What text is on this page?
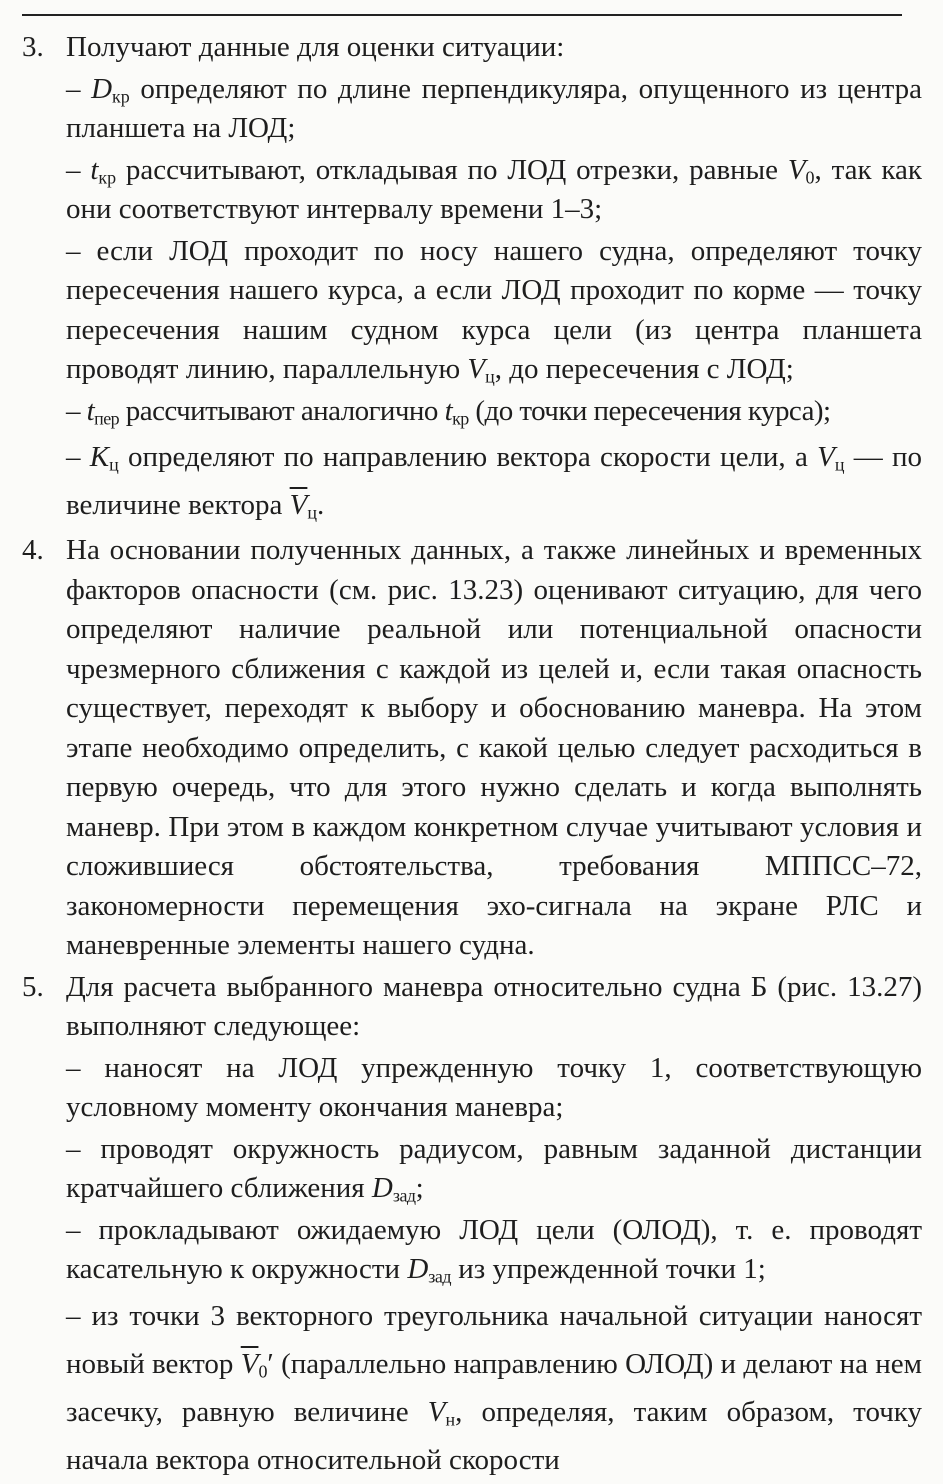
3. Получают данные для оценки ситуации:

– $D_{кр}$ определяют по длине перпендикуляра, опущенного из центра планшета на ЛОД;

– $t_{кр}$ рассчитывают, откладывая по ЛОД отрезки, равные $V_0$, так как они соответствуют интервалу времени 1–3;

– если ЛОД проходит по носу нашего судна, определяют точку пересечения нашего курса, а если ЛОД проходит по корме — точку пересечения нашим судном курса цели (из центра планшета проводят линию, параллельную $V_ц$, до пересечения с ЛОД;

– $t_{пер}$ рассчитывают аналогично $t_{кр}$ (до точки пересечения курса);

– $K_ц$ определяют по направлению вектора скорости цели, а $V_ц$ — по величине вектора $\overline{V}_ц$.

4. На основании полученных данных, а также линейных и временных факторов опасности (см. рис. 13.23) оценивают ситуацию, для чего определяют наличие реальной или потенциальной опасности чрезмерного сближения с каждой из целей и, если такая опасность существует, переходят к выбору и обоснованию маневра. На этом этапе необходимо определить, с какой целью следует расходиться в первую очередь, что для этого нужно сделать и когда выполнять маневр. При этом в каждом конкретном случае учитывают условия и сложившиеся обстоятельства, требования МППСС–72, закономерности перемещения эхо-сигнала на экране РЛС и маневренные элементы нашего судна.

5. Для расчета выбранного маневра относительно судна Б (рис. 13.27) выполняют следующее:

– наносят на ЛОД упрежденную точку 1, соответствующую условному моменту окончания маневра;

– проводят окружность радиусом, равным заданной дистанции кратчайшего сближения $D_{зад}$;

– прокладывают ожидаемую ЛОД цели (ОЛОД), т. е. проводят касательную к окружности $D_{зад}$ из упрежденной точки 1;

– из точки 3 векторного треугольника начальной ситуации наносят новый вектор $\overline{V}_0'$ (параллельно направлению ОЛОД) и делают на нем засечку, равную величине $V_н$, определяя, таким образом, точку начала вектора относительной скорости
